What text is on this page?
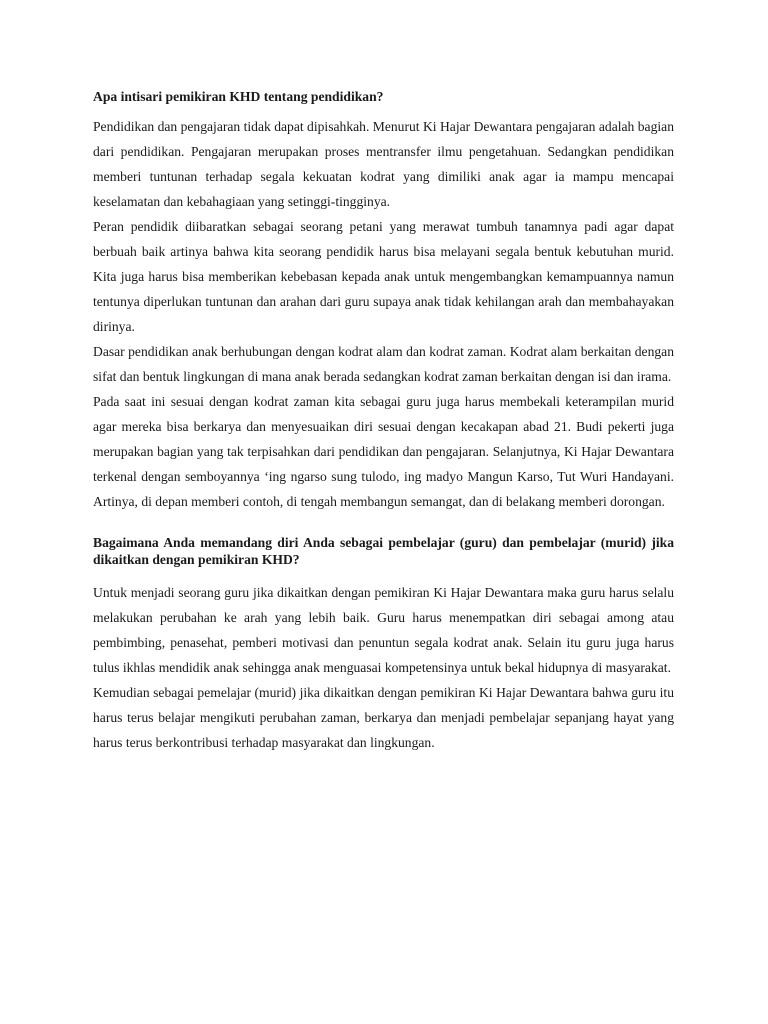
Apa intisari pemikiran KHD tentang pendidikan?

Pendidikan dan pengajaran tidak dapat dipisahkah. Menurut Ki Hajar Dewantara pengajaran adalah bagian dari pendidikan. Pengajaran merupakan proses mentransfer ilmu pengetahuan. Sedangkan pendidikan memberi tuntunan terhadap segala kekuatan kodrat yang dimiliki anak agar ia mampu mencapai keselamatan dan kebahagiaan yang setinggi-tingginya.

Peran pendidik diibaratkan sebagai seorang petani yang merawat tumbuh tanamnya padi agar dapat berbuah baik artinya bahwa kita seorang pendidik harus bisa melayani segala bentuk kebutuhan murid. Kita juga harus bisa memberikan kebebasan kepada anak untuk mengembangkan kemampuannya namun tentunya diperlukan tuntunan dan arahan dari guru supaya anak tidak kehilangan arah dan membahayakan dirinya.

Dasar pendidikan anak berhubungan dengan kodrat alam dan kodrat zaman. Kodrat alam berkaitan dengan sifat dan bentuk lingkungan di mana anak berada sedangkan kodrat zaman berkaitan dengan isi dan irama.

Pada saat ini sesuai dengan kodrat zaman kita sebagai guru juga harus membekali keterampilan murid agar mereka bisa berkarya dan menyesuaikan diri sesuai dengan kecakapan abad 21. Budi pekerti juga merupakan bagian yang tak terpisahkan dari pendidikan dan pengajaran. Selanjutnya, Ki Hajar Dewantara terkenal dengan semboyannya ‘ing ngarso sung tulodo, ing madyo Mangun Karso, Tut Wuri Handayani. Artinya, di depan memberi contoh, di tengah membangun semangat, dan di belakang memberi dorongan.

Bagaimana Anda memandang diri Anda sebagai pembelajar (guru) dan pembelajar (murid) jika dikaitkan dengan pemikiran KHD?

Untuk menjadi seorang guru jika dikaitkan dengan pemikiran Ki Hajar Dewantara maka guru harus selalu melakukan perubahan ke arah yang lebih baik. Guru harus menempatkan diri sebagai among atau pembimbing, penasehat, pemberi motivasi dan penuntun segala kodrat anak. Selain itu guru juga harus tulus ikhlas mendidik anak sehingga anak menguasai kompetensinya untuk bekal hidupnya di masyarakat.

Kemudian sebagai pemelajar (murid) jika dikaitkan dengan pemikiran Ki Hajar Dewantara bahwa guru itu harus terus belajar mengikuti perubahan zaman, berkarya dan menjadi pembelajar sepanjang hayat yang harus terus berkontribusi terhadap masyarakat dan lingkungan.
